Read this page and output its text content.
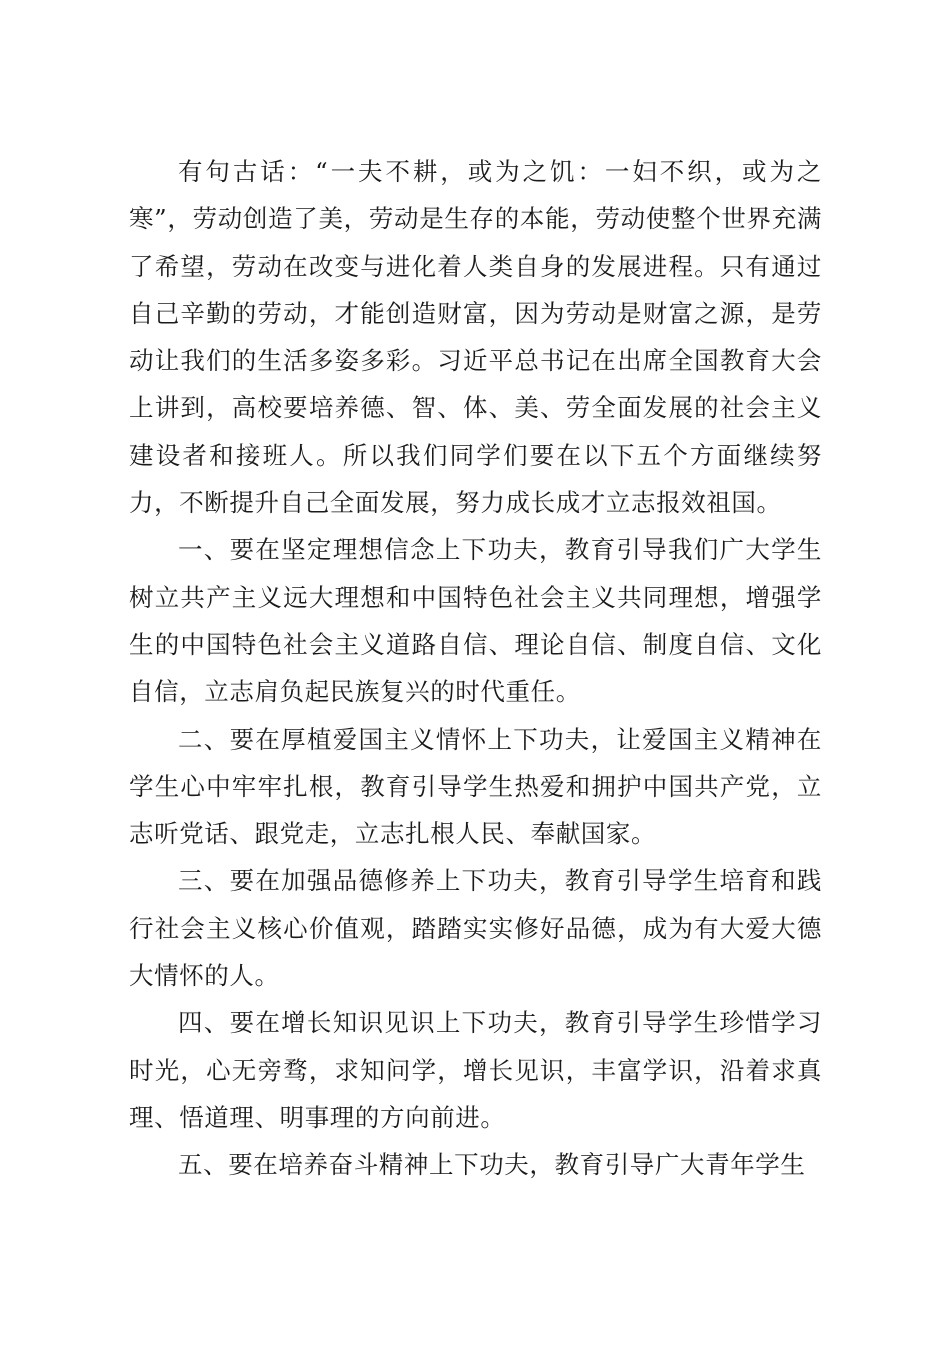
有句古话：“一夫不耕，或为之饥：一妇不织，或为之寒”，劳动创造了美，劳动是生存的本能，劳动使整个世界充满了希望，劳动在改变与进化着人类自身的发展进程。只有通过自己辛勤的劳动，才能创造财富，因为劳动是财富之源，是劳动让我们的生活多姿多彩。习近平总书记在出席全国教育大会上讲到，高校要培养德、智、体、美、劳全面发展的社会主义建设者和接班人。所以我们同学们要在以下五个方面继续努力，不断提升自己全面发展，努力成长成才立志报效祖国。

一、要在坚定理想信念上下功夫，教育引导我们广大学生树立共产主义远大理想和中国特色社会主义共同理想，增强学生的中国特色社会主义道路自信、理论自信、制度自信、文化自信，立志肩负起民族复兴的时代重任。

二、要在厚植爱国主义情怀上下功夫，让爱国主义精神在学生心中牢牢扎根，教育引导学生热爱和拥护中国共产党，立志听党话、跟党走，立志扎根人民、奉献国家。

三、要在加强品德修养上下功夫，教育引导学生培育和践行社会主义核心价值观，踏踏实实修好品德，成为有大爱大德大情怀的人。

四、要在增长知识见识上下功夫，教育引导学生珍惜学习时光，心无旁骛，求知问学，增长见识，丰富学识，沿着求真理、悟道理、明事理的方向前进。

五、要在培养奋斗精神上下功夫，教育引导广大青年学生
